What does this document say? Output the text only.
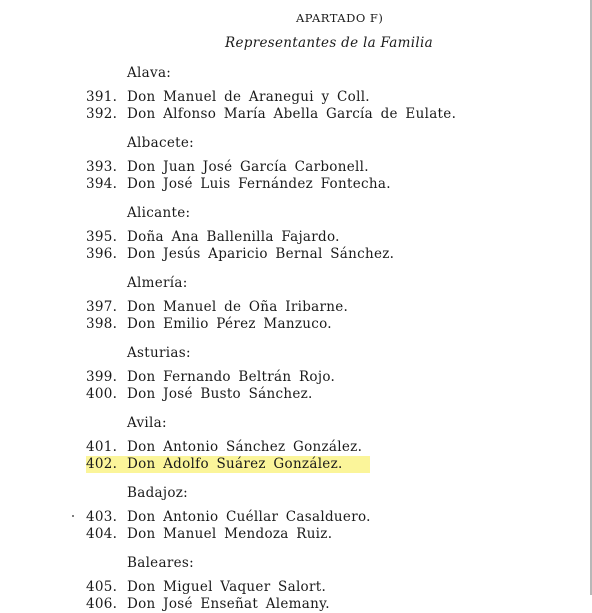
APARTADO F)
Representantes de la Familia
Alava:
391. Don Manuel de Aranegui y Coll.
392. Don Alfonso María Abella García de Eulate.
Albacete:
393. Don Juan José García Carbonell.
394. Don José Luis Fernández Fontecha.
Alicante:
395. Doña Ana Ballenilla Fajardo.
396. Don Jesús Aparicio Bernal Sánchez.
Almería:
397. Don Manuel de Oña Iribarne.
398. Don Emilio Pérez Manzuco.
Asturias:
399. Don Fernando Beltrán Rojo.
400. Don José Busto Sánchez.
Avila:
401. Don Antonio Sánchez González.
402. Don Adolfo Suárez González.
Badajoz:
403. Don Antonio Cuéllar Casalduero.
404. Don Manuel Mendoza Ruiz.
Baleares:
405. Don Miguel Vaquer Salort.
406. Don José Enseñat Alemany.
